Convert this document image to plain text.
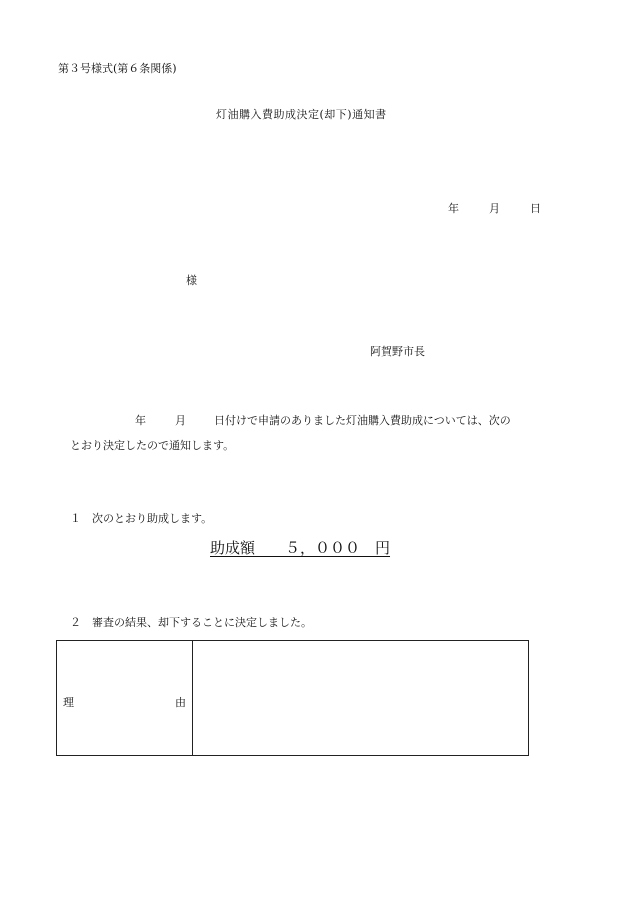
第３号様式(第６条関係)
灯油購入費助成決定(却下)通知書
年	月	日
様
阿賀野市長
年	月	日付けで申請のありました灯油購入費助成については、次の
とおり決定したので通知します。
１　次のとおり助成します。
助成額　　５，０００　円
２　審査の結果、却下することに決定しました。
理	由
